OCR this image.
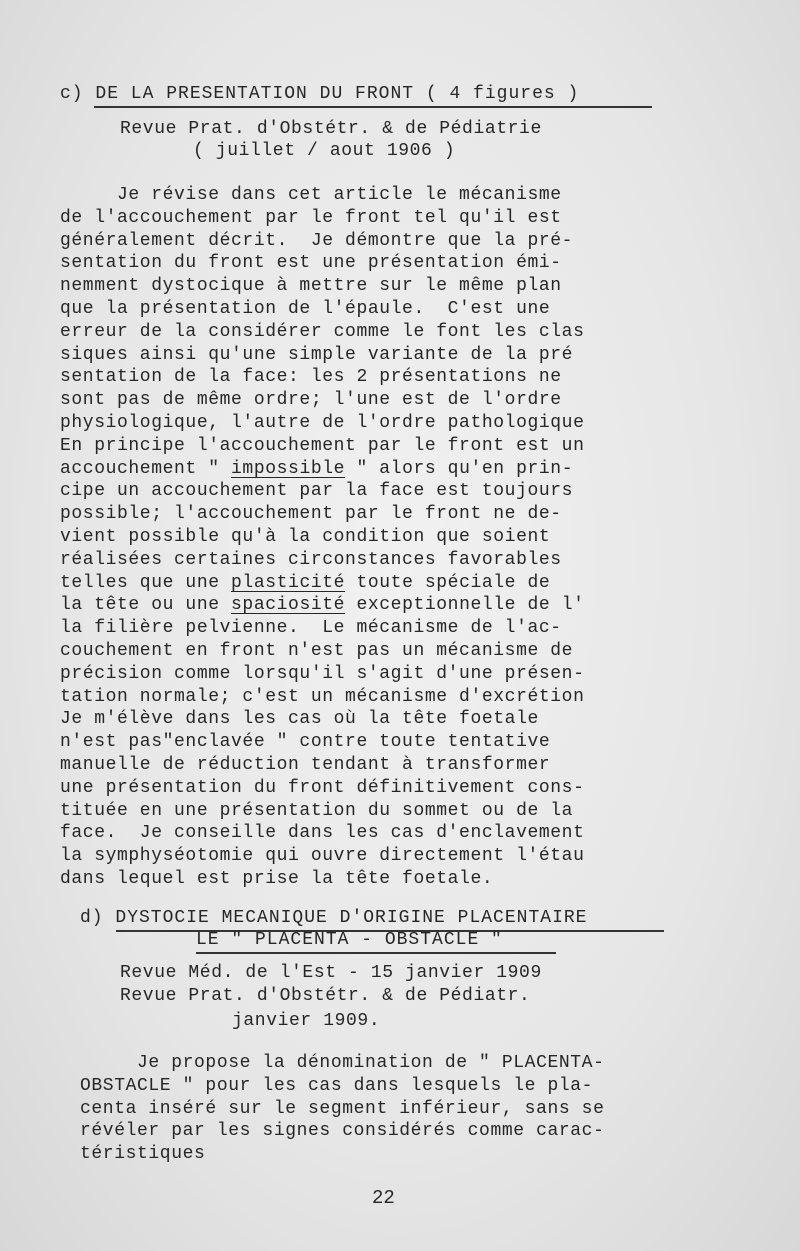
c) DE LA PRESENTATION DU FRONT ( 4 figures )
Revue Prat. d'Obstétr. & de Pédiatrie
( juillet / aout 1906 )
Je révise dans cet article le mécanisme
de l'accouchement par le front tel qu'il est
généralement décrit.  Je démontre que la pré-
sentation du front est une présentation émi-
nemment dystocique à mettre sur le même plan
que la présentation de l'épaule.  C'est une
erreur de la considérer comme le font les clas
siques ainsi qu'une simple variante de la pré
sentation de la face: les 2 présentations ne
sont pas de même ordre; l'une est de l'ordre
physiologique, l'autre de l'ordre pathologique
En principe l'accouchement par le front est un
accouchement " impossible " alors qu'en prin-
cipe un accouchement par la face est toujours
possible; l'accouchement par le front ne de-
vient possible qu'à la condition que soient
réalisées certaines circonstances favorables
telles que une plasticité toute spéciale de
la tête ou une spaciosité exceptionnelle de l'
la filière pelvienne.  Le mécanisme de l'ac-
couchement en front n'est pas un mécanisme de
précision comme lorsqu'il s'agit d'une présen-
tation normale; c'est un mécanisme d'excrétion
Je m'élève dans les cas où la tête foetale
n'est pas"enclavée " contre toute tentative
manuelle de réduction tendant à transformer
une présentation du front définitivement cons-
tituée en une présentation du sommet ou de la
face.  Je conseille dans les cas d'enclavement
la symphyséotomie qui ouvre directement l'étau
dans lequel est prise la tête foetale.
d) DYSTOCIE MECANIQUE D'ORIGINE PLACENTAIRE
LE " PLACENTA - OBSTACLE "
Revue Méd. de l'Est - 15 janvier 1909
Revue Prat. d'Obstétr. & de Pédiatr.
janvier 1909.
Je propose la dénomination de " PLACENTA-
OBSTACLE " pour les cas dans lesquels le pla-
centa inséré sur le segment inférieur, sans se
révéler par les signes considérés comme carac-
téristiques
22
